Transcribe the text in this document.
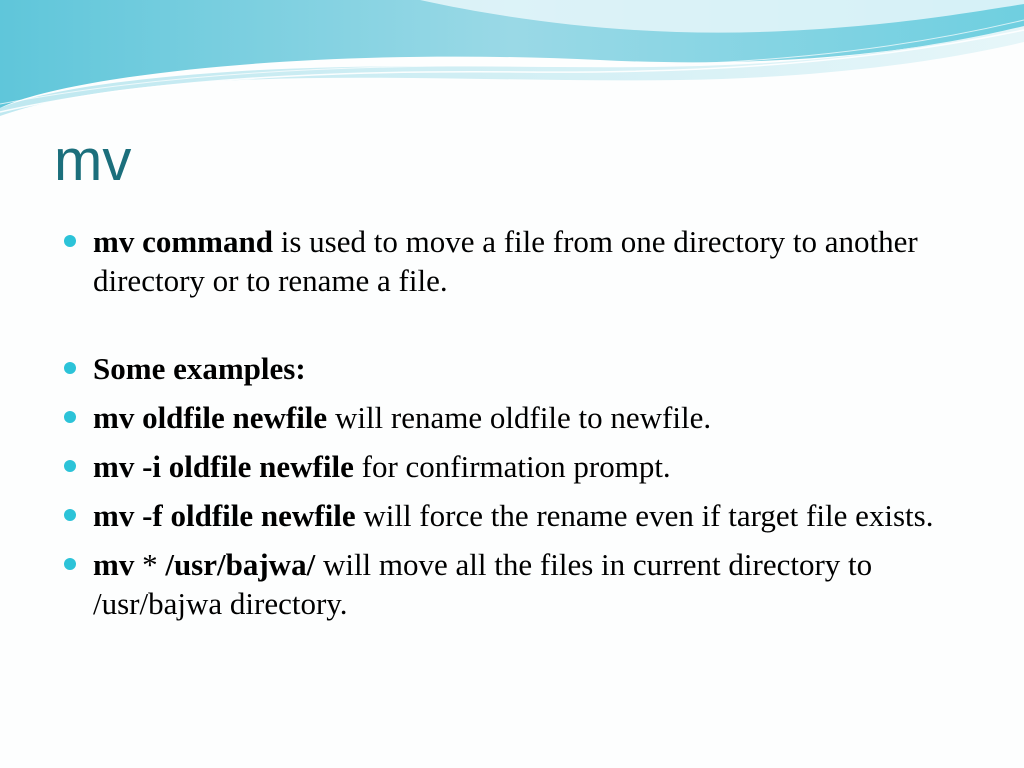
mv
mv command is used to move a file from one directory to another directory or to rename a file.
Some examples:
mv oldfile newfile will rename oldfile to newfile.
mv -i oldfile newfile for confirmation prompt.
mv -f oldfile newfile will force the rename even if target file exists.
mv * /usr/bajwa/ will move all the files in current directory to /usr/bajwa directory.
